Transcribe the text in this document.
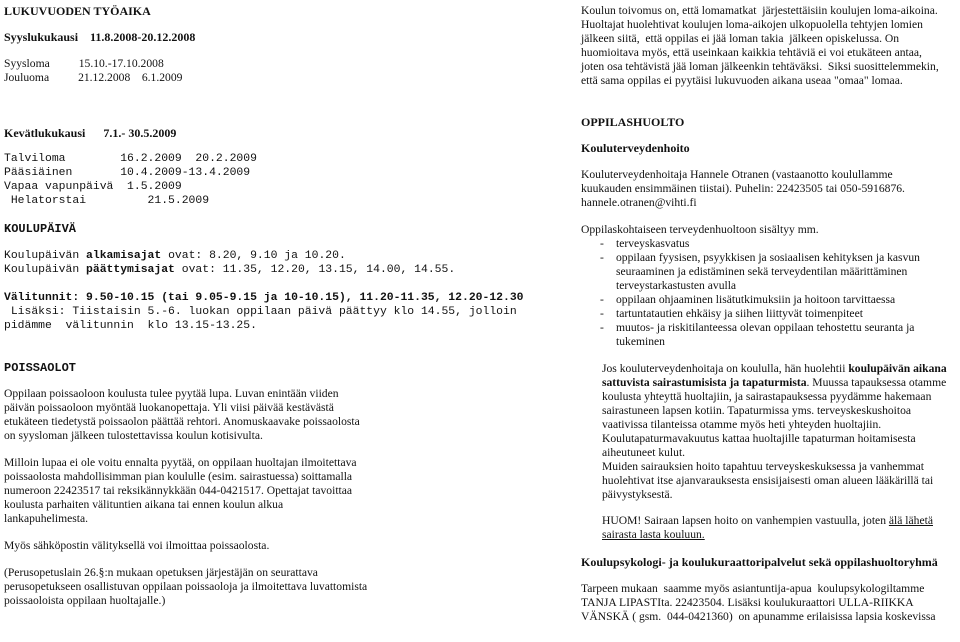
LUKUVUODEN TYÖAIKA

Syyslukukausi    11.8.2008-20.12.2008

Syysloma          15.10.-17.10.2008

Jouluoma          21.12.2008    6.1.2009

Kevätlukukausi      7.1.- 30.5.2009

Talviloma        16.2.2009  20.2.2009

Pääsiäinen       10.4.2009-13.4.2009

Vapaa vapunpäivä  1.5.2009

Helatorstai         21.5.2009

KOULUPÄIVÄ

Koulupäivän alkamisajat ovat: 8.20, 9.10 ja 10.20.

Koulupäivän päättymisajat ovat: 11.35, 12.20, 13.15, 14.00, 14.55.

Välitunnit: 9.50-10.15 (tai 9.05-9.15 ja 10-10.15), 11.20-11.35, 12.20-12.30

Lisäksi: Tiistaisin 5.-6. luokan oppilaan päivä päättyy klo 14.55, jolloin

pidämme  välitunnin  klo 13.15-13.25.

POISSAOLOT

Oppilaan poissaoloon koulusta tulee pyytää lupa. Luvan enintään viiden

päivän poissaoloon myöntää luokanopettaja. Yli viisi päivää kestävästä

etukäteen tiedetystä poissaolon päättää rehtori. Anomuskaavake poissaolosta

on syysloman jälkeen tulostettavissa koulun kotisivulta.

Milloin lupaa ei ole voitu ennalta pyytää, on oppilaan huoltajan ilmoitettava

poissaolosta mahdollisimman pian koululle (esim. sairastuessa) soittamalla

numeroon 22423517 tai reksikännykkään 044-0421517. Opettajat tavoittaa

koulusta parhaiten välituntien aikana tai ennen koulun alkua

lankapuhelimesta.

Myös sähköpostin välityksellä voi ilmoittaa poissaolosta.

(Perusopetuslain 26.§:n mukaan opetuksen järjestäjän on seurattava

perusopetukseen osallistuvan oppilaan poissaoloja ja ilmoitettava luvattomista

poissaoloista oppilaan huoltajalle.)

Koulun toivomus on, että lomamatkat  järjestettäisiin koulujen loma-aikoina.

Huoltajat huolehtivat koulujen loma-aikojen ulkopuolella tehtyjen lomien

jälkeen siitä,  että oppilas ei jää loman takia  jälkeen opiskelussa. On

huomioitava myös, että useinkaan kaikkia tehtäviä ei voi etukäteen antaa,

joten osa tehtävistä jää loman jälkeenkin tehtäväksi.  Siksi suosittelemmekin,

että sama oppilas ei pyytäisi lukuvuoden aikana useaa "omaa" lomaa.

OPPILASHUOLTO

Kouluterveydenhoito

Kouluterveydenhoitaja Hannele Otranen (vastaanotto koulullamme

kuukauden ensimmäinen tiistai). Puhelin: 22423505 tai 050-5916876.

hannele.otranen@vihti.fi

Oppilaskohtaiseen terveydenhuoltoon sisältyy mm.

-	terveyskasvatus
-	oppilaan fyysisen, psyykkisen ja sosiaalisen kehityksen ja kasvun seuraaminen ja edistäminen sekä terveydentilan määrittäminen terveystarkastusten avulla
-	oppilaan ohjaaminen lisätutkimuksiin ja hoitoon tarvittaessa
-	tartuntatautien ehkäisy ja siihen liittyvät toimenpiteet
-	muutos- ja riskitilanteessa olevan oppilaan tehostettu seuranta ja tukeminen

Jos kouluterveydenhoitaja on koululla, hän huolehtii koulupäivän aikana sattuvista sairastumisista ja tapaturmista. Muussa tapauksessa otamme koulusta yhteyttä huoltajiin, ja sairastapauksessa pyydämme hakemaan sairastuneen lapsen kotiin. Tapaturmissa yms. terveyskeskushoitoa vaativissa tilanteissa otamme myös heti yhteyden huoltajiin. Koulutapaturmavakuutus kattaa huoltajille tapaturman hoitamisesta aiheutuneet kulut.

Muiden sairauksien hoito tapahtuu terveyskeskuksessa ja vanhemmat huolehtivat itse ajanvarauksesta ensisijaisesti oman alueen lääkärillä tai päivystyksestä.

HUOM! Sairaan lapsen hoito on vanhempien vastuulla, joten älä lähetä sairasta lasta kouluun.

Koulupsykologi- ja koulukuraattoripalvelut sekä oppilashuoltoryhmä

Tarpeen mukaan  saamme myös asiantuntija-apua  koulupsykologiltamme

TANJA LIPASTIta. 22423504. Lisäksi koulukuraattori ULLA-RIIKKA

VÄNSKÄ ( gsm.  044-0421360)  on apunamme erilaisissa lapsia koskevissa
